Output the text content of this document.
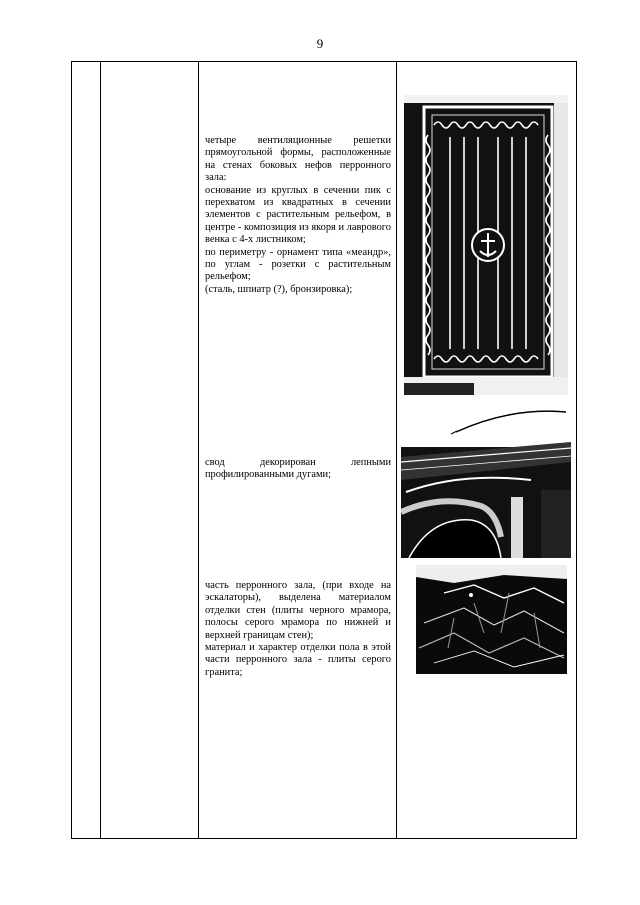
9

четыре вентиляционные решетки прямоугольной формы, расположенные на стенах боковых нефов перронного зала:

основание из круглых в сечении пик с перехватом из квадратных в сечении элементов с растительным рельефом, в центре - композиция из якоря и лаврового венка с 4-х листником;

по периметру - орнамент типа «меандр», по углам - розетки с растительным рельефом;

(сталь, шпиатр (?), бронзировка);

свод декорирован лепными профилированными дугами;

часть перронного зала, (при входе на эскалаторы), выделена материалом отделки стен (плиты черного мрамора, полосы серого мрамора по нижней и верхней границам стен);

материал и характер отделки пола в этой части перронного зала - плиты серого гранита;
